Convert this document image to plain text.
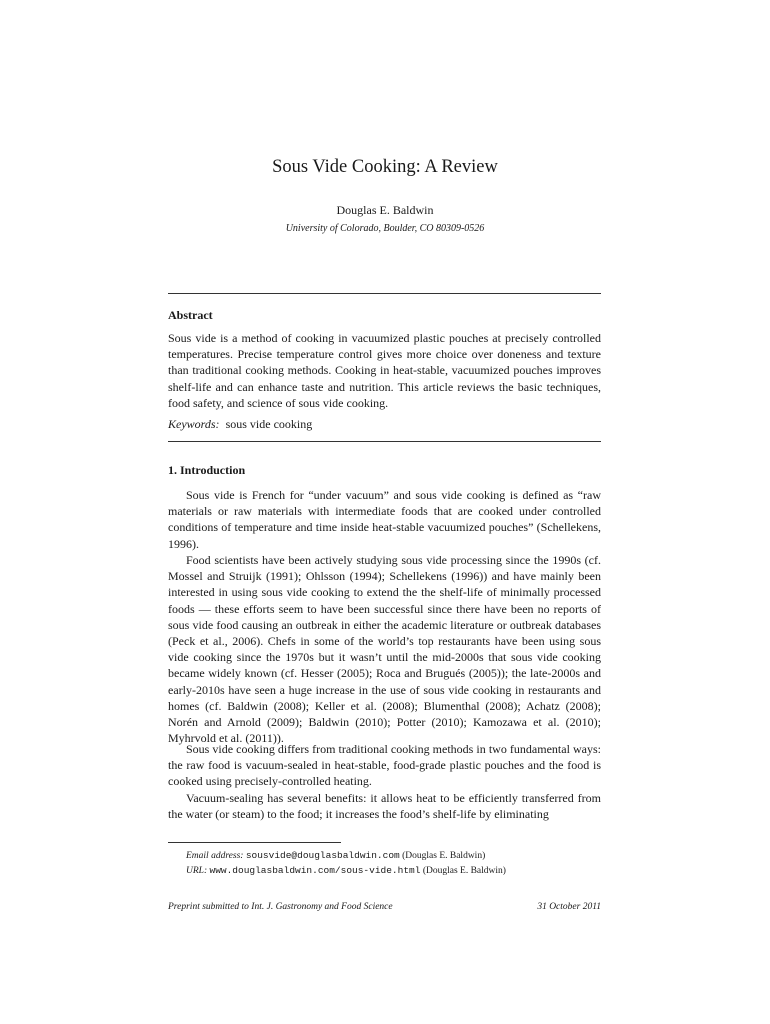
Sous Vide Cooking: A Review
Douglas E. Baldwin
University of Colorado, Boulder, CO 80309-0526
Abstract
Sous vide is a method of cooking in vacuumized plastic pouches at precisely controlled temperatures. Precise temperature control gives more choice over doneness and texture than traditional cooking methods. Cooking in heat-stable, vacuumized pouches improves shelf-life and can enhance taste and nutrition. This article reviews the basic techniques, food safety, and science of sous vide cooking.
Keywords: sous vide cooking
1. Introduction
Sous vide is French for “under vacuum” and sous vide cooking is defined as “raw materials or raw materials with intermediate foods that are cooked under controlled conditions of temperature and time inside heat-stable vacuumized pouches” (Schellekens, 1996).
Food scientists have been actively studying sous vide processing since the 1990s (cf. Mossel and Struijk (1991); Ohlsson (1994); Schellekens (1996)) and have mainly been interested in using sous vide cooking to extend the the shelf-life of minimally processed foods — these efforts seem to have been successful since there have been no reports of sous vide food causing an outbreak in either the academic literature or outbreak databases (Peck et al., 2006). Chefs in some of the world’s top restaurants have been using sous vide cooking since the 1970s but it wasn’t until the mid-2000s that sous vide cooking became widely known (cf. Hesser (2005); Roca and Brugués (2005)); the late-2000s and early-2010s have seen a huge increase in the use of sous vide cooking in restaurants and homes (cf. Baldwin (2008); Keller et al. (2008); Blumenthal (2008); Achatz (2008); Norén and Arnold (2009); Baldwin (2010); Potter (2010); Kamozawa et al. (2010); Myhrvold et al. (2011)).
Sous vide cooking differs from traditional cooking methods in two fundamental ways: the raw food is vacuum-sealed in heat-stable, food-grade plastic pouches and the food is cooked using precisely-controlled heating.
Vacuum-sealing has several benefits: it allows heat to be efficiently transferred from the water (or steam) to the food; it increases the food’s shelf-life by eliminating
Email address: sousvide@douglasbaldwin.com (Douglas E. Baldwin)
URL: www.douglasbaldwin.com/sous-vide.html (Douglas E. Baldwin)
Preprint submitted to Int. J. Gastronomy and Food Science	31 October 2011
